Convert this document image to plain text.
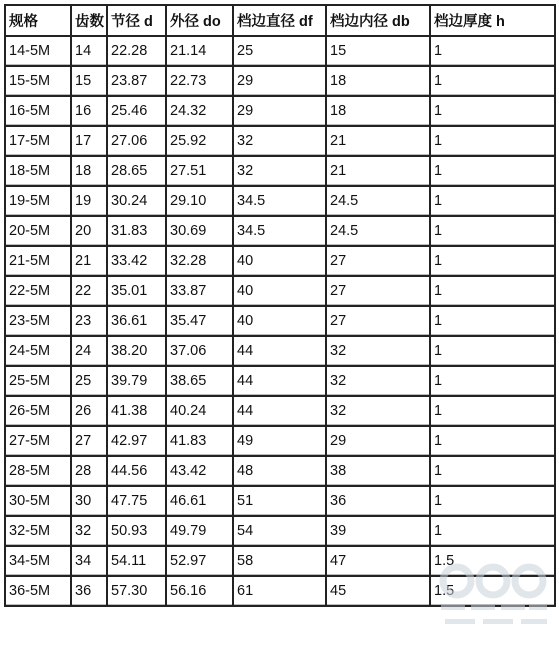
规格	齿数	节径 d	外径 do	档边直径 df	档边内径 db	档边厚度 h
14-5M	14	22.28	21.14	25	15	1
15-5M	15	23.87	22.73	29	18	1
16-5M	16	25.46	24.32	29	18	1
17-5M	17	27.06	25.92	32	21	1
18-5M	18	28.65	27.51	32	21	1
19-5M	19	30.24	29.10	34.5	24.5	1
20-5M	20	31.83	30.69	34.5	24.5	1
21-5M	21	33.42	32.28	40	27	1
22-5M	22	35.01	33.87	40	27	1
23-5M	23	36.61	35.47	40	27	1
24-5M	24	38.20	37.06	44	32	1
25-5M	25	39.79	38.65	44	32	1
26-5M	26	41.38	40.24	44	32	1
27-5M	27	42.97	41.83	49	29	1
28-5M	28	44.56	43.42	48	38	1
30-5M	30	47.75	46.61	51	36	1
32-5M	32	50.93	49.79	54	39	1
34-5M	34	54.11	52.97	58	47	1.5
36-5M	36	57.30	56.16	61	45	1.5
